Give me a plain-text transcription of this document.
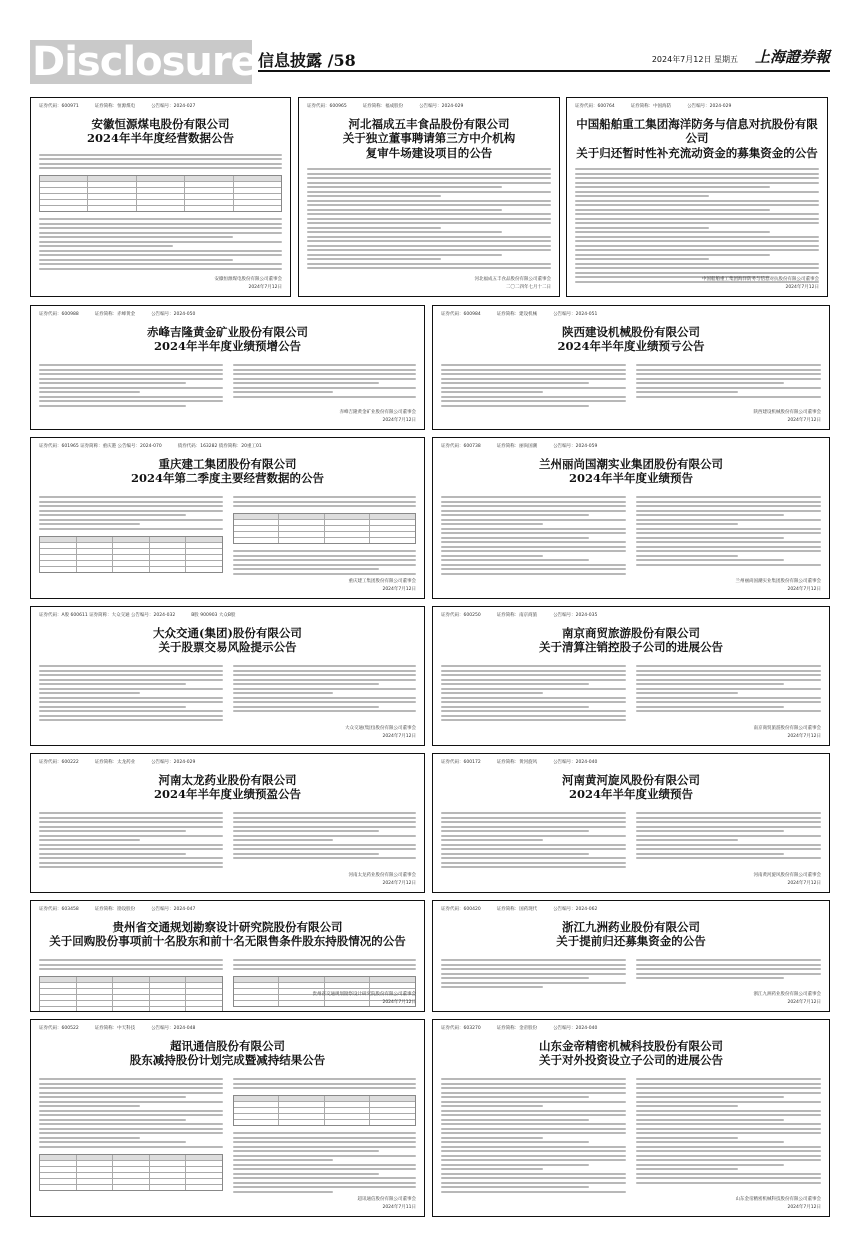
Disclosure 信息披露 /58	2024年7月12日 星期五 上海證券報
证券代码：600971	证券简称：恒源煤电	公告编号：2024-027
安徽恒源煤电股份有限公司
2024年半年度经营数据公告
安徽恒源煤电股份有限公司董事会
2024年7月12日
证券代码：600965	证券简称：福成股份	公告编号：2024-029
河北福成五丰食品股份有限公司
关于独立董事聘请第三方中介机构
复审牛场建设项目的公告
河北福成五丰食品股份有限公司董事会
二〇二四年七月十二日
证券代码：600764	证券简称：中国海防	公告编号：2024-029
中国船舶重工集团海洋防务与信息对抗股份有限公司
关于归还暂时性补充流动资金的募集资金的公告
中国船舶重工集团海洋防务与信息对抗股份有限公司董事会
2024年7月12日
证券代码：600988	证券简称：赤峰黄金	公告编号：2024-050
赤峰吉隆黄金矿业股份有限公司
2024年半年度业绩预增公告
赤峰吉隆黄金矿业股份有限公司董事会
2024年7月12日
证券代码：600984	证券简称：建设机械	公告编号：2024-051
陕西建设机械股份有限公司
2024年半年度业绩预亏公告
陕西建设机械股份有限公司董事会
2024年7月12日
证券代码：601965 证券简称：重庆港 公告编号：2024-070	债券代码：163282 债券简称：20重工01
重庆建工集团股份有限公司
2024年第二季度主要经营数据的公告
重庆建工集团股份有限公司董事会
2024年7月12日
证券代码：600738	证券简称：丽尚国潮	公告编号：2024-059
兰州丽尚国潮实业集团股份有限公司
2024年半年度业绩预告
兰州丽尚国潮实业集团股份有限公司董事会
2024年7月12日
证券代码：A股 600611 证券简称：大众交通 公告编号：2024-032	B股 900903 大众B股
大众交通(集团)股份有限公司
关于股票交易风险提示公告
大众交通(集团)股份有限公司董事会
2024年7月12日
证券代码：600250	证券简称：南京商旅	公告编号：2024-035
南京商贸旅游股份有限公司
关于清算注销控股子公司的进展公告
南京商贸旅游股份有限公司董事会
2024年7月12日
证券代码：600222	证券简称：太龙药业	公告编号：2024-029
河南太龙药业股份有限公司
2024年半年度业绩预盈公告
河南太龙药业股份有限公司董事会
2024年7月12日
证券代码：600172	证券简称：黄河旋风	公告编号：2024-040
河南黄河旋风股份有限公司
2024年半年度业绩预告
河南黄河旋风股份有限公司董事会
2024年7月12日
证券代码：603458	证券简称：勘设股份	公告编号：2024-047
贵州省交通规划勘察设计研究院股份有限公司
关于回购股份事项前十名股东和前十名无限售条件股东持股情况的公告
贵州省交通规划勘察设计研究院股份有限公司董事会
2024年7月12日
证券代码：600420	证券简称：国药现代	公告编号：2024-062
浙江九洲药业股份有限公司
关于提前归还募集资金的公告
浙江九洲药业股份有限公司董事会
2024年7月12日
证券代码：600522	证券简称：中天科技	公告编号：2024-048
超讯通信股份有限公司
股东减持股份计划完成暨减持结果公告
超讯通信股份有限公司董事会
2024年7月11日
证券代码：603270	证券简称：金帝股份	公告编号：2024-040
山东金帝精密机械科技股份有限公司
关于对外投资设立子公司的进展公告
山东金帝精密机械科技股份有限公司董事会
2024年7月12日
